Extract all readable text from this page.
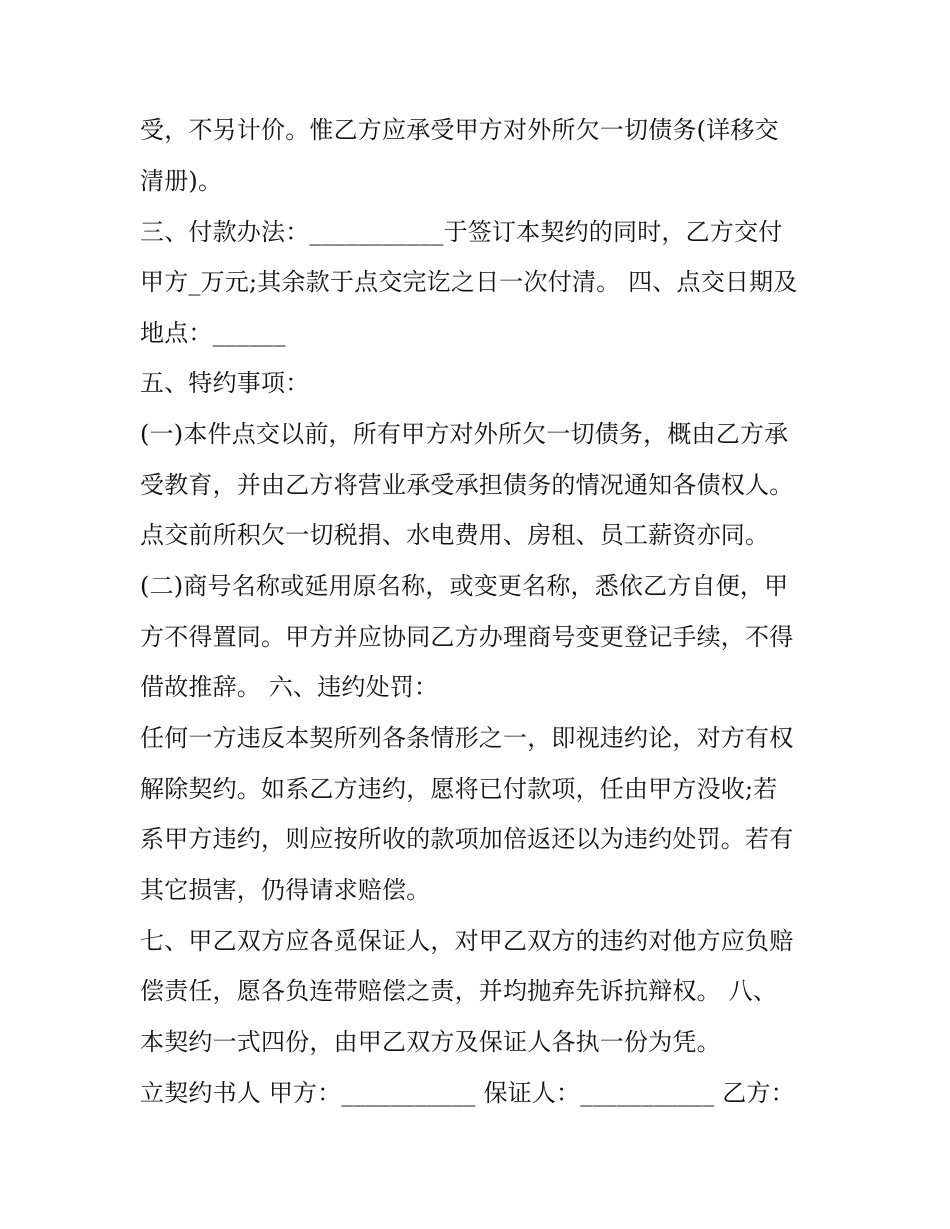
受，不另计价。惟乙方应承受甲方对外所欠一切债务(详移交
清册)。
三、付款办法：___________于签订本契约的同时，乙方交付
甲方_万元;其余款于点交完讫之日一次付清。 四、点交日期及
地点：______
五、特约事项：
(一)本件点交以前，所有甲方对外所欠一切债务，概由乙方承
受教育，并由乙方将营业承受承担债务的情况通知各债权人。
点交前所积欠一切税捐、水电费用、房租、员工薪资亦同。
(二)商号名称或延用原名称，或变更名称，悉依乙方自便，甲
方不得置同。甲方并应协同乙方办理商号变更登记手续，不得
借故推辞。 六、违约处罚：
任何一方违反本契所列各条情形之一，即视违约论，对方有权
解除契约。如系乙方违约，愿将已付款项，任由甲方没收;若
系甲方违约，则应按所收的款项加倍返还以为违约处罚。若有
其它损害，仍得请求赔偿。
七、甲乙双方应各觅保证人，对甲乙双方的违约对他方应负赔
偿责任，愿各负连带赔偿之责，并均抛弃先诉抗辩权。 八、
本契约一式四份，由甲乙双方及保证人各执一份为凭。
立契约书人 甲方：___________ 保证人：___________ 乙方：
